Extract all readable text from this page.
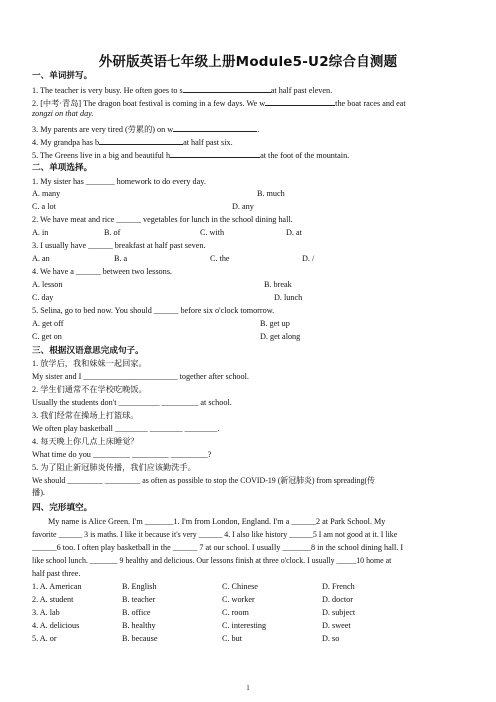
外研版英语七年级上册Module5-U2综合自测题
一、单词拼写。
1. The teacher is very busy. He often goes to s	at half past eleven.
2. [中考·青岛] The dragon boat festival is coming in a few days. We w	the boat races and eat
zongzi on that day.
3. My parents are very tired (劳累的) on w	.
4. My grandpa has b	at half past six.
5. The Greens live in a big and beautiful h	at the foot of the mountain.
二、单项选择。
1. My sister has _______ homework to do every day.
A. many	B. much
C. a lot	D. any
2. We have meat and rice ______ vegetables for lunch in the school dining hall.
A. in	B. of	C. with	D. at
3. I usually have ______ breakfast at half past seven.
A. an	B. a	C. the	D. /
4. We have a ______ between two lessons.
A. lesson	B. break
C. day	D. lunch
5. Selina, go to bed now. You should ______ before six o'clock tomorrow.
A. get off	B. get up
C. get on	D. get along
三、根据汉语意思完成句子。
1. 放学后，我和妹妹一起回家。
My sister and I _______________________ together after school.
2. 学生们通常不在学校吃晚饭。
Usually the students don't __________ _________ at school.
3. 我们经常在操场上打篮球。
We often play basketball ________ ________ ________.
4. 每天晚上你几点上床睡觉？
What time do you _________ _________ _________?
5. 为了阻止新冠肺炎传播，我们应该勤洗手。
We should _________ _________ as often as possible to stop the COVID-19 (新冠肺炎) from spreading(传
播).
四、完形填空。
My name is Alice Green. I'm _______1. I'm from London, England. I'm a ______2 at Park School. My
favorite ______ 3 is maths. I like it because it's very ______ 4. I also like history ______5 I am not good at it. I like
______6 too. I often play basketball in the ______ 7 at our school. I usually _______8 in the school dining hall. I
like school lunch. _______ 9 healthy and delicious. Our lessons finish at three o'clock. I usually _____10 home at
half past three.
1. A. American	B. English	C. Chinese	D. French
2. A. student	B. teacher	C. worker	D. doctor
3. A. lab	B. office	C. room	D. subject
4. A. delicious	B. healthy	C. interesting	D. sweet
5. A. or	B. because	C. but	D. so
1
